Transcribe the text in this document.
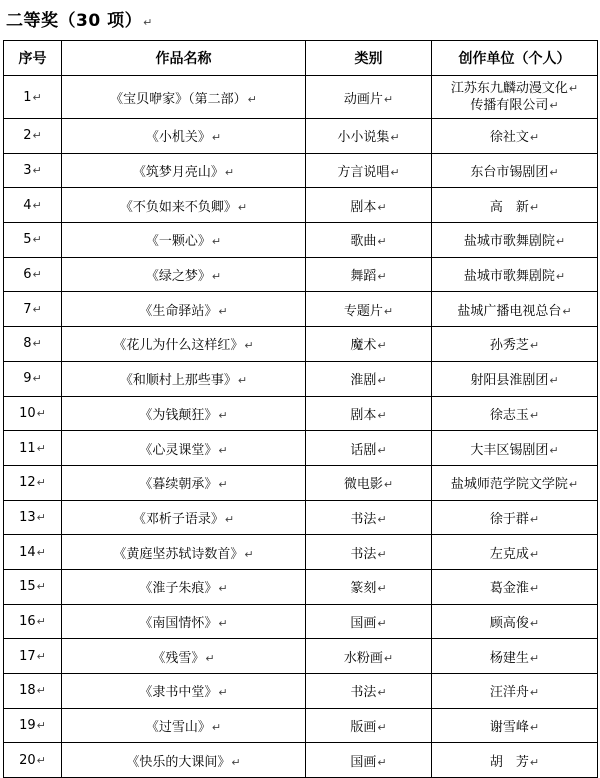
二等奖（30 项）↵
序号	作品名称	类别	创作单位（个人）
1↵	《宝贝咿家》（第二部）↵	动画片↵	江苏东九麟动漫文化↵
传播有限公司↵
2↵	《小机关》↵	小小说集↵	徐社文↵
3↵	《筑梦月亮山》↵	方言说唱↵	东台市锡剧团↵
4↵	《不负如来不负卿》↵	剧本↵	高　新↵
5↵	《一颗心》↵	歌曲↵	盐城市歌舞剧院↵
6↵	《绿之梦》↵	舞蹈↵	盐城市歌舞剧院↵
7↵	《生命驿站》↵	专题片↵	盐城广播电视总台↵
8↵	《花儿为什么这样红》↵	魔术↵	孙秀芝↵
9↵	《和顺村上那些事》↵	淮剧↵	射阳县淮剧团↵
10↵	《为钱颠狂》↵	剧本↵	徐志玉↵
11↵	《心灵课堂》↵	话剧↵	大丰区锡剧团↵
12↵	《暮续朝承》↵	微电影↵	盐城师范学院文学院↵
13↵	《邓析子语录》↵	书法↵	徐于群↵
14↵	《黄庭坚苏轼诗数首》↵	书法↵	左克成↵
15↵	《淮子朱痕》↵	篆刻↵	葛金淮↵
16↵	《南国情怀》↵	国画↵	顾高俊↵
17↵	《残雪》↵	水粉画↵	杨建生↵
18↵	《隶书中堂》↵	书法↵	汪洋舟↵
19↵	《过雪山》↵	版画↵	谢雪峰↵
20↵	《快乐的大课间》↵	国画↵	胡　芳↵
